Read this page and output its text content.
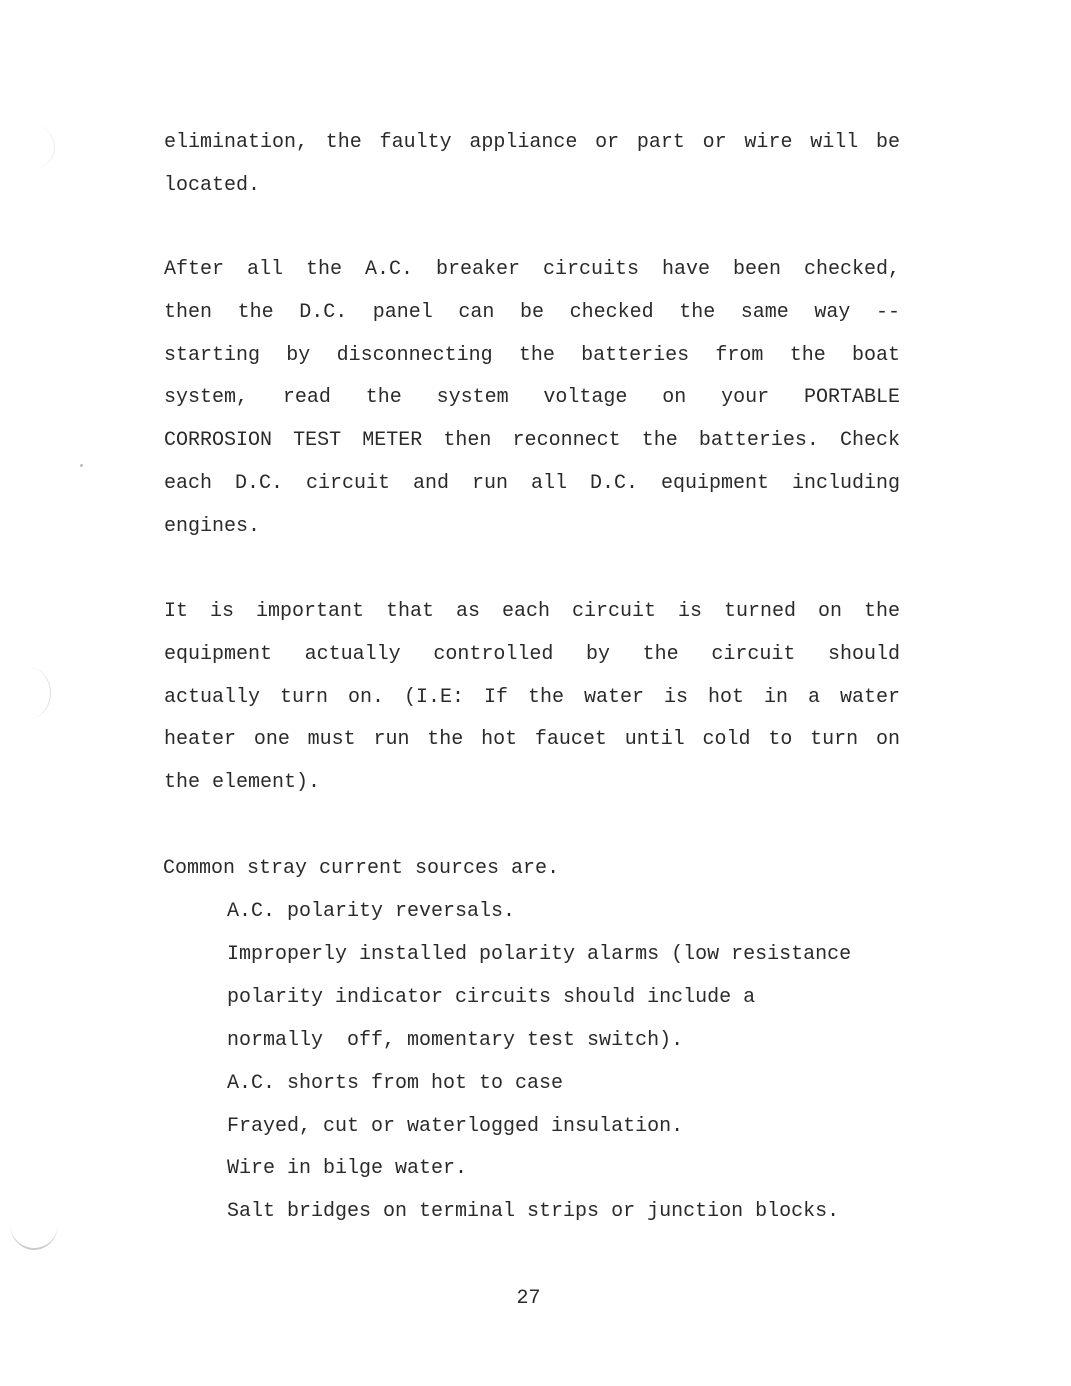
elimination, the faulty appliance or part or wire will be
located.
After all the A.C. breaker circuits have been checked,
then the D.C. panel can be checked the same way --
starting by disconnecting the batteries from the boat
system, read the system voltage on your PORTABLE
CORROSION TEST METER then reconnect the batteries. Check
each D.C. circuit and run all D.C. equipment including
engines.
It is important that as each circuit is turned on the
equipment actually controlled by the circuit should
actually turn on. (I.E: If the water is hot in a water
heater one must run the hot faucet until cold to turn on
the element).
Common stray current sources are.
A.C. polarity reversals.
Improperly installed polarity alarms (low resistance
polarity indicator circuits should include a
normally  off, momentary test switch).
A.C. shorts from hot to case
Frayed, cut or waterlogged insulation.
Wire in bilge water.
Salt bridges on terminal strips or junction blocks.
27
